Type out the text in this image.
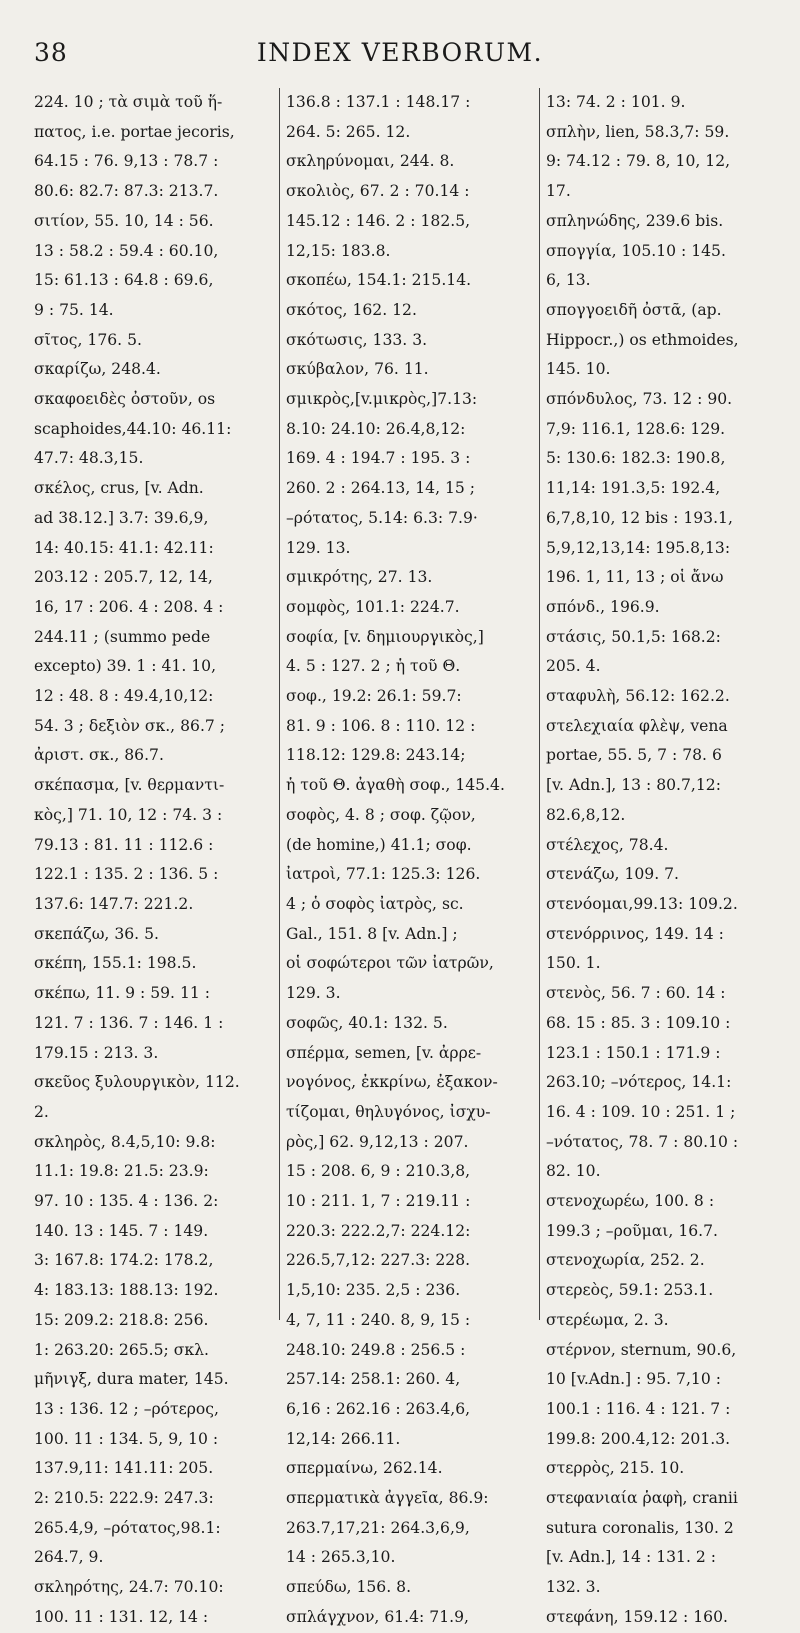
38	INDEX VERBORUM.
224. 10 ; τὰ σιμὰ τοῦ ἥ-
πατος, i.e. portae jecoris,
64.15 : 76. 9,13 : 78.7 :
80.6: 82.7: 87.3: 213.7.
σιτίον, 55. 10, 14 : 56.
13 : 58.2 : 59.4 : 60.10,
15: 61.13 : 64.8 : 69.6,
9 : 75. 14.
σῖτος, 176. 5.
σκαρίζω, 248.4.
σκαφοειδὲς ὀστοῦν, os
scaphoides,44.10: 46.11:
47.7: 48.3,15.
σκέλος, crus, [v. Adn.
ad 38.12.] 3.7: 39.6,9,
14: 40.15: 41.1: 42.11:
203.12 : 205.7, 12, 14,
16, 17 : 206. 4 : 208. 4 :
244.11 ; (summo pede
excepto) 39. 1 : 41. 10,
12 : 48. 8 : 49.4,10,12:
54. 3 ; δεξιὸν σκ., 86.7 ;
ἀριστ. σκ., 86.7.
σκέπασμα, [v. θερμαντι-
κὸς,] 71. 10, 12 : 74. 3 :
79.13 : 81. 11 : 112.6 :
122.1 : 135. 2 : 136. 5 :
137.6: 147.7: 221.2.
σκεπάζω, 36. 5.
σκέπη, 155.1: 198.5.
σκέπω, 11. 9 : 59. 11 :
121. 7 : 136. 7 : 146. 1 :
179.15 : 213. 3.
σκεῦος ξυλουργικὸν, 112.
2.
σκληρὸς, 8.4,5,10: 9.8:
11.1: 19.8: 21.5: 23.9:
97. 10 : 135. 4 : 136. 2:
140. 13 : 145. 7 : 149.
3: 167.8: 174.2: 178.2,
4: 183.13: 188.13: 192.
15: 209.2: 218.8: 256.
1: 263.20: 265.5; σκλ.
μῆνιγξ, dura mater, 145.
13 : 136. 12 ; –ρότερος,
100. 11 : 134. 5, 9, 10 :
137.9,11: 141.11: 205.
2: 210.5: 222.9: 247.3:
265.4,9, –ρότατος,98.1:
264.7, 9.
σκληρότης, 24.7: 70.10:
100. 11 : 131. 12, 14 :
136.8 : 137.1 : 148.17 :
264. 5: 265. 12.
σκληρύνομαι, 244. 8.
σκολιὸς, 67. 2 : 70.14 :
145.12 : 146. 2 : 182.5,
12,15: 183.8.
σκοπέω, 154.1: 215.14.
σκότος, 162. 12.
σκότωσις, 133. 3.
σκύβαλον, 76. 11.
σμικρὸς,[v.μικρὸς,]7.13:
8.10: 24.10: 26.4,8,12:
169. 4 : 194.7 : 195. 3 :
260. 2 : 264.13, 14, 15 ;
–ρότατος, 5.14: 6.3: 7.9·
129. 13.
σμικρότης, 27. 13.
σομφὸς, 101.1: 224.7.
σοφία, [v. δημιουργικὸς,]
4. 5 : 127. 2 ; ἡ τοῦ Θ.
σοφ., 19.2: 26.1: 59.7:
81. 9 : 106. 8 : 110. 12 :
118.12: 129.8: 243.14;
ἡ τοῦ Θ. ἀγαθὴ σοφ., 145.4.
σοφὸς, 4. 8 ; σοφ. ζῷον,
(de homine,) 41.1; σοφ.
ἰατροὶ, 77.1: 125.3: 126.
4 ; ὁ σοφὸς ἰατρὸς, sc.
Gal., 151. 8 [v. Adn.] ;
οἱ σοφώτεροι τῶν ἰατρῶν,
129. 3.
σοφῶς, 40.1: 132. 5.
σπέρμα, semen, [v. ἀρρε-
νογόνος, ἐκκρίνω, ἐξακον-
τίζομαι, θηλυγόνος, ἰσχυ-
ρὸς,] 62. 9,12,13 : 207.
15 : 208. 6, 9 : 210.3,8,
10 : 211. 1, 7 : 219.11 :
220.3: 222.2,7: 224.12:
226.5,7,12: 227.3: 228.
1,5,10: 235. 2,5 : 236.
4, 7, 11 : 240. 8, 9, 15 :
248.10: 249.8 : 256.5 :
257.14: 258.1: 260. 4,
6,16 : 262.16 : 263.4,6,
12,14: 266.11.
σπερμαίνω, 262.14.
σπερματικὰ ἀγγεῖα, 86.9:
263.7,17,21: 264.3,6,9,
14 : 265.3,10.
σπεύδω, 156. 8.
σπλάγχνον, 61.4: 71.9,
13: 74. 2 : 101. 9.
σπλὴν, lien, 58.3,7: 59.
9: 74.12 : 79. 8, 10, 12,
17.
σπληνώδης, 239.6 bis.
σπογγία, 105.10 : 145.
6, 13.
σπογγοειδῆ ὀστᾶ, (ap.
Hippocr.,) os ethmoides,
145. 10.
σπόνδυλος, 73. 12 : 90.
7,9: 116.1, 128.6: 129.
5: 130.6: 182.3: 190.8,
11,14: 191.3,5: 192.4,
6,7,8,10, 12 bis : 193.1,
5,9,12,13,14: 195.8,13:
196. 1, 11, 13 ; οἱ ἄνω
σπόνδ., 196.9.
στάσις, 50.1,5: 168.2:
205. 4.
σταφυλὴ, 56.12: 162.2.
στελεχιαία φλὲψ, vena
portae, 55. 5, 7 : 78. 6
[v. Adn.], 13 : 80.7,12:
82.6,8,12.
στέλεχος, 78.4.
στενάζω, 109. 7.
στενόομαι,99.13: 109.2.
στενόρρινος, 149. 14 :
150. 1.
στενὸς, 56. 7 : 60. 14 :
68. 15 : 85. 3 : 109.10 :
123.1 : 150.1 : 171.9 :
263.10; –νότερος, 14.1:
16. 4 : 109. 10 : 251. 1 ;
–νότατος, 78. 7 : 80.10 :
82. 10.
στενοχωρέω, 100. 8 :
199.3 ; –ροῦμαι, 16.7.
στενοχωρία, 252. 2.
στερεὸς, 59.1: 253.1.
στερέωμα, 2. 3.
στέρνον, sternum, 90.6,
10 [v.Adn.] : 95. 7,10 :
100.1 : 116. 4 : 121. 7 :
199.8: 200.4,12: 201.3.
στερρὸς, 215. 10.
στεφανιαία ῥαφὴ, cranii
sutura coronalis, 130. 2
[v. Adn.], 14 : 131. 2 :
132. 3.
στεφάνη, 159.12 : 160.
